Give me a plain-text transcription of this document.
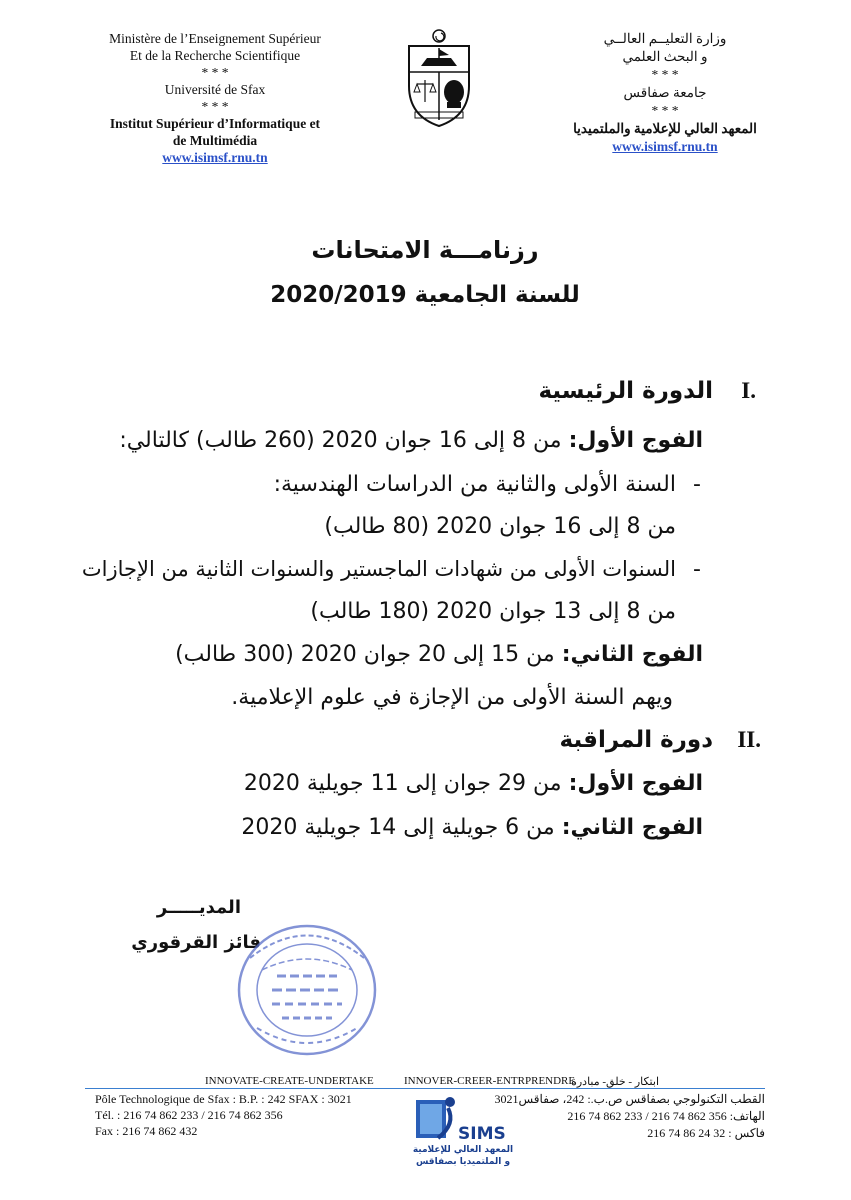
Ministère de l’Enseignement Supérieur
Et de la Recherche Scientifique
* * *
Université de Sfax
* * *
Institut Supérieur d’Informatique et
de Multimédia
www.isimsf.rnu.tn
وزارة التعليــم العالــي
و البحث العلمي
* * *
جامعة صفاقس
* * *
المعهد العالي للإعلامية والملتميديا
www.isimsf.rnu.tn
رزنامـــة الامتحانات
للسنة الجامعية 2020/2019
I.
الدورة الرئيسية
الفوج الأول: من 8 إلى 16 جوان 2020 (260 طالب) كالتالي:
-
السنة الأولى والثانية من الدراسات الهندسية:
من 8 إلى 16 جوان 2020 (80 طالب)
-
السنوات الأولى من شهادات الماجستير والسنوات الثانية من الإجازات
من 8 إلى 13 جوان 2020 (180 طالب)
الفوج الثاني: من 15 إلى 20 جوان 2020 (300 طالب)
ويهم السنة الأولى من الإجازة في علوم الإعلامية.
II.
دورة المراقبة
الفوج الأول: من 29 جوان إلى 11 جويلية 2020
الفوج الثاني: من 6 جويلية إلى 14 جويلية 2020
المديـــــر
فائز القرقوري
INNOVATE-CREATE-UNDERTAKE	INNOVER-CREER-ENTRPRENDRE
ابتكار - خلق- مبادرة
Pôle Technologique de Sfax : B.P. : 242 SFAX : 3021
Tél. : 216 74 862 233 / 216 74 862 356
Fax : 216 74 862 432
القطب التكنولوجي بصفاقس ص.ب.: 242، صفاقس3021
الهاتف: 356 862 74 216 / 233 862 74 216
فاكس : 32 24 86 74 216
SIMS
المعهد العالي للإعلامية
و الملتميديا بصفاقس
